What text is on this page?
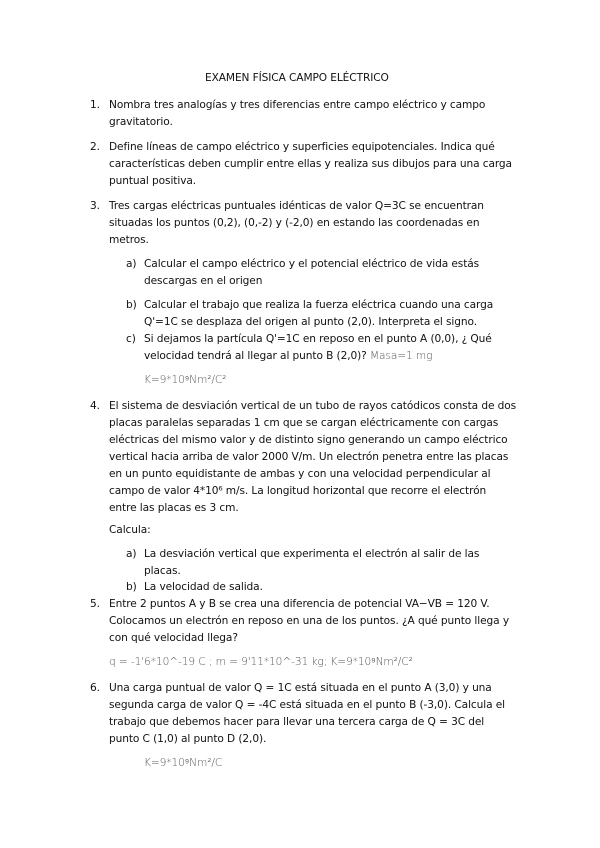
EXAMEN FÍSICA CAMPO ELÉCTRICO
1. Nombra tres analogías y tres diferencias entre campo eléctrico y campo
gravitatorio.
2. Define líneas de campo eléctrico y superficies equipotenciales. Indica qué
características deben cumplir entre ellas y realiza sus dibujos para una carga
puntual positiva.
3. Tres cargas eléctricas puntuales idénticas de valor Q=3C se encuentran
situadas los puntos (0,2), (0,-2) y (-2,0) en estando las coordenadas en
metros.
a) Calcular el campo eléctrico y el potencial eléctrico de vida estás
descargas en el origen
b) Calcular el trabajo que realiza la fuerza eléctrica cuando una carga
Q'=1C se desplaza del origen al punto (2,0). Interpreta el signo.
c) Si dejamos la partícula Q'=1C en reposo en el punto A (0,0), ¿ Qué
velocidad tendrá al llegar al punto B (2,0)? Masa=1 mg
K=9*10⁹Nm²/C²
4. El sistema de desviación vertical de un tubo de rayos catódicos consta de dos
placas paralelas separadas 1 cm que se cargan eléctricamente con cargas
eléctricas del mismo valor y de distinto signo generando un campo eléctrico
vertical hacia arriba de valor 2000 V/m. Un electrón penetra entre las placas
en un punto equidistante de ambas y con una velocidad perpendicular al
campo de valor 4*10⁶ m/s. La longitud horizontal que recorre el electrón
entre las placas es 3 cm.
Calcula:
a) La desviación vertical que experimenta el electrón al salir de las
placas.
b) La velocidad de salida.
5. Entre 2 puntos A y B se crea una diferencia de potencial VA−VB = 120 V.
Colocamos un electrón en reposo en una de los puntos. ¿A qué punto llega y
con qué velocidad llega?
q = -1'6*10^-19 C ; m = 9'11*10^-31 kg; K=9*10⁹Nm²/C²
6. Una carga puntual de valor Q = 1C está situada en el punto A (3,0) y una
segunda carga de valor Q = -4C está situada en el punto B (-3,0). Calcula el
trabajo que debemos hacer para llevar una tercera carga de Q = 3C del
punto C (1,0) al punto D (2,0).
K=9*10⁹Nm²/C
